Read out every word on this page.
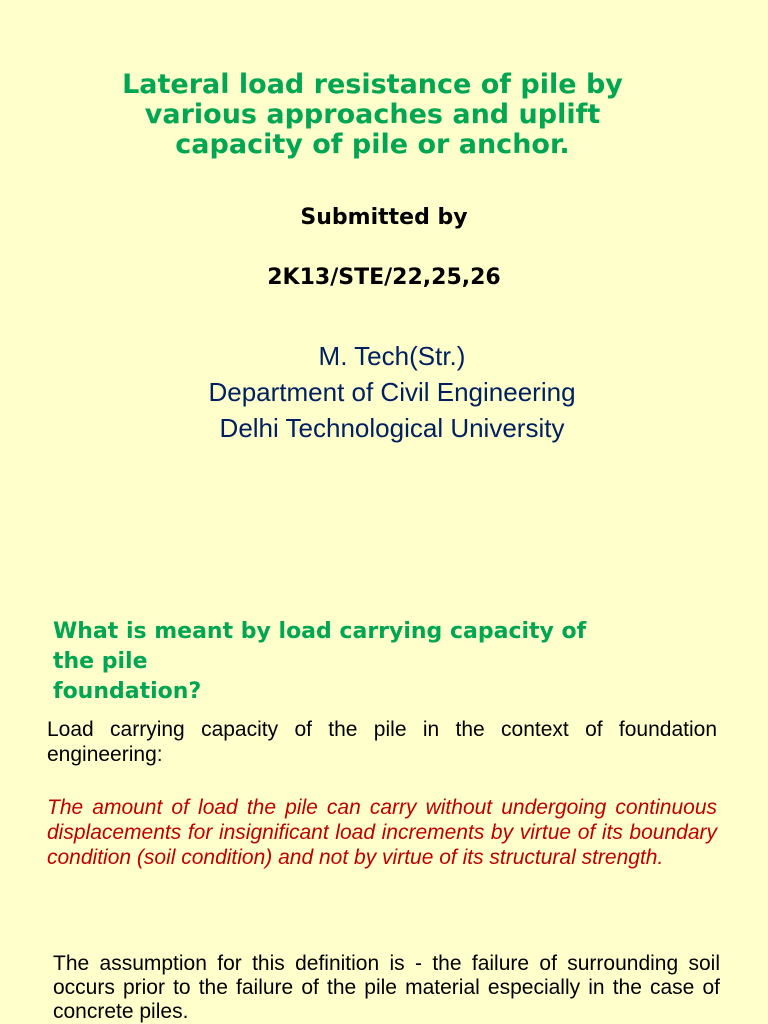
Lateral load resistance of pile by
various approaches and uplift
capacity of pile or anchor.

Submitted by

2K13/STE/22,25,26

M. Tech(Str.)
Department of Civil Engineering
Delhi Technological University
What is meant by load carrying capacity of
the pile
foundation?

Load carrying capacity of the pile in the context of foundation engineering:

The amount of load the pile can carry without undergoing continuous displacements for insignificant load increments by virtue of its boundary condition (soil condition) and not by virtue of its structural strength.

The assumption for this definition is - the failure of surrounding soil occurs prior to the failure of the pile material especially in the case of concrete piles.
